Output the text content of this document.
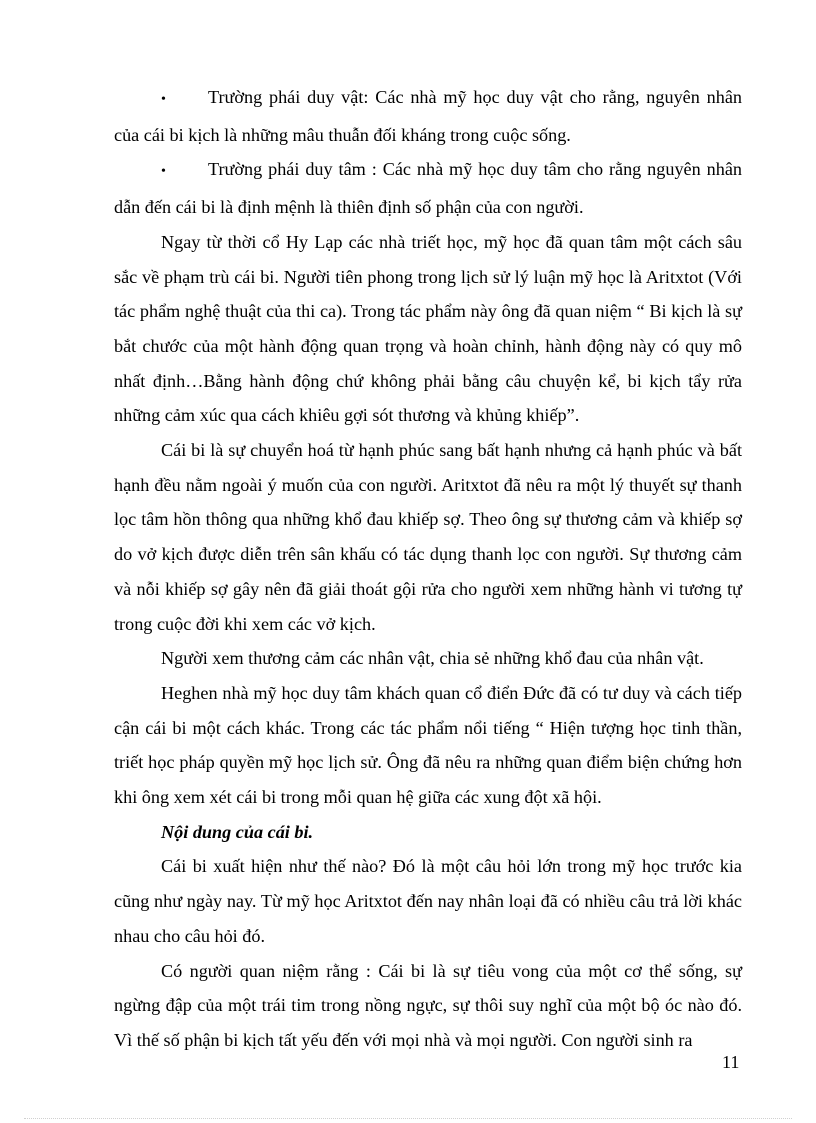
• Trường phái duy vật: Các nhà mỹ học duy vật cho rằng, nguyên nhân của cái bi kịch là những mâu thuẫn đối kháng trong cuộc sống.

• Trường phái duy tâm : Các nhà mỹ học duy tâm cho rằng nguyên nhân dẫn đến cái bi là định mệnh là thiên định số phận của con người.

Ngay từ thời cổ Hy Lạp các nhà triết học, mỹ học đã quan tâm một cách sâu sắc về phạm trù cái bi. Người tiên phong trong lịch sử lý luận mỹ học là Aritxtot (Với tác phẩm nghệ thuật của thi ca). Trong tác phẩm này ông đã quan niệm “ Bi kịch là sự bắt chước của một hành động quan trọng và hoàn chỉnh, hành động này có quy mô nhất định…Bằng hành động chứ không phải bằng câu chuyện kể, bi kịch tẩy rửa những cảm xúc qua cách khiêu gợi sót thương và khủng khiếp”.

Cái bi là sự chuyển hoá từ hạnh phúc sang bất hạnh nhưng cả hạnh phúc và bất hạnh đều nằm ngoài ý muốn của con người. Aritxtot đã nêu ra một lý thuyết sự thanh lọc tâm hồn thông qua những khổ đau khiếp sợ. Theo ông sự thương cảm và khiếp sợ do vở kịch được diễn trên sân khấu có tác dụng thanh lọc con người. Sự thương cảm và nỗi khiếp sợ gây nên đã giải thoát gội rửa cho người xem những hành vi tương tự trong cuộc đời khi xem các vở kịch.

Người xem thương cảm các nhân vật, chia sẻ những khổ đau của nhân vật.

Heghen nhà mỹ học duy tâm khách quan cổ điển Đức đã có tư duy và cách tiếp cận cái bi một cách khác. Trong các tác phẩm nổi tiếng “ Hiện tượng học tinh thần, triết học pháp quyền mỹ học lịch sử. Ông đã nêu ra những quan điểm biện chứng hơn khi ông xem xét cái bi trong mỗi quan hệ giữa các xung đột xã hội.

Nội dung của cái bi.

Cái bi xuất hiện như thế nào? Đó là một câu hỏi lớn trong mỹ học trước kia cũng như ngày nay. Từ mỹ học Aritxtot đến nay nhân loại đã có nhiều câu trả lời khác nhau cho câu hỏi đó.

Có người quan niệm rằng : Cái bi là sự tiêu vong của một cơ thể sống, sự ngừng đập của một trái tim trong nồng ngực, sự thôi suy nghĩ của một bộ óc nào đó. Vì thế số phận bi kịch tất yếu đến với mọi nhà và mọi người. Con người sinh ra

11
